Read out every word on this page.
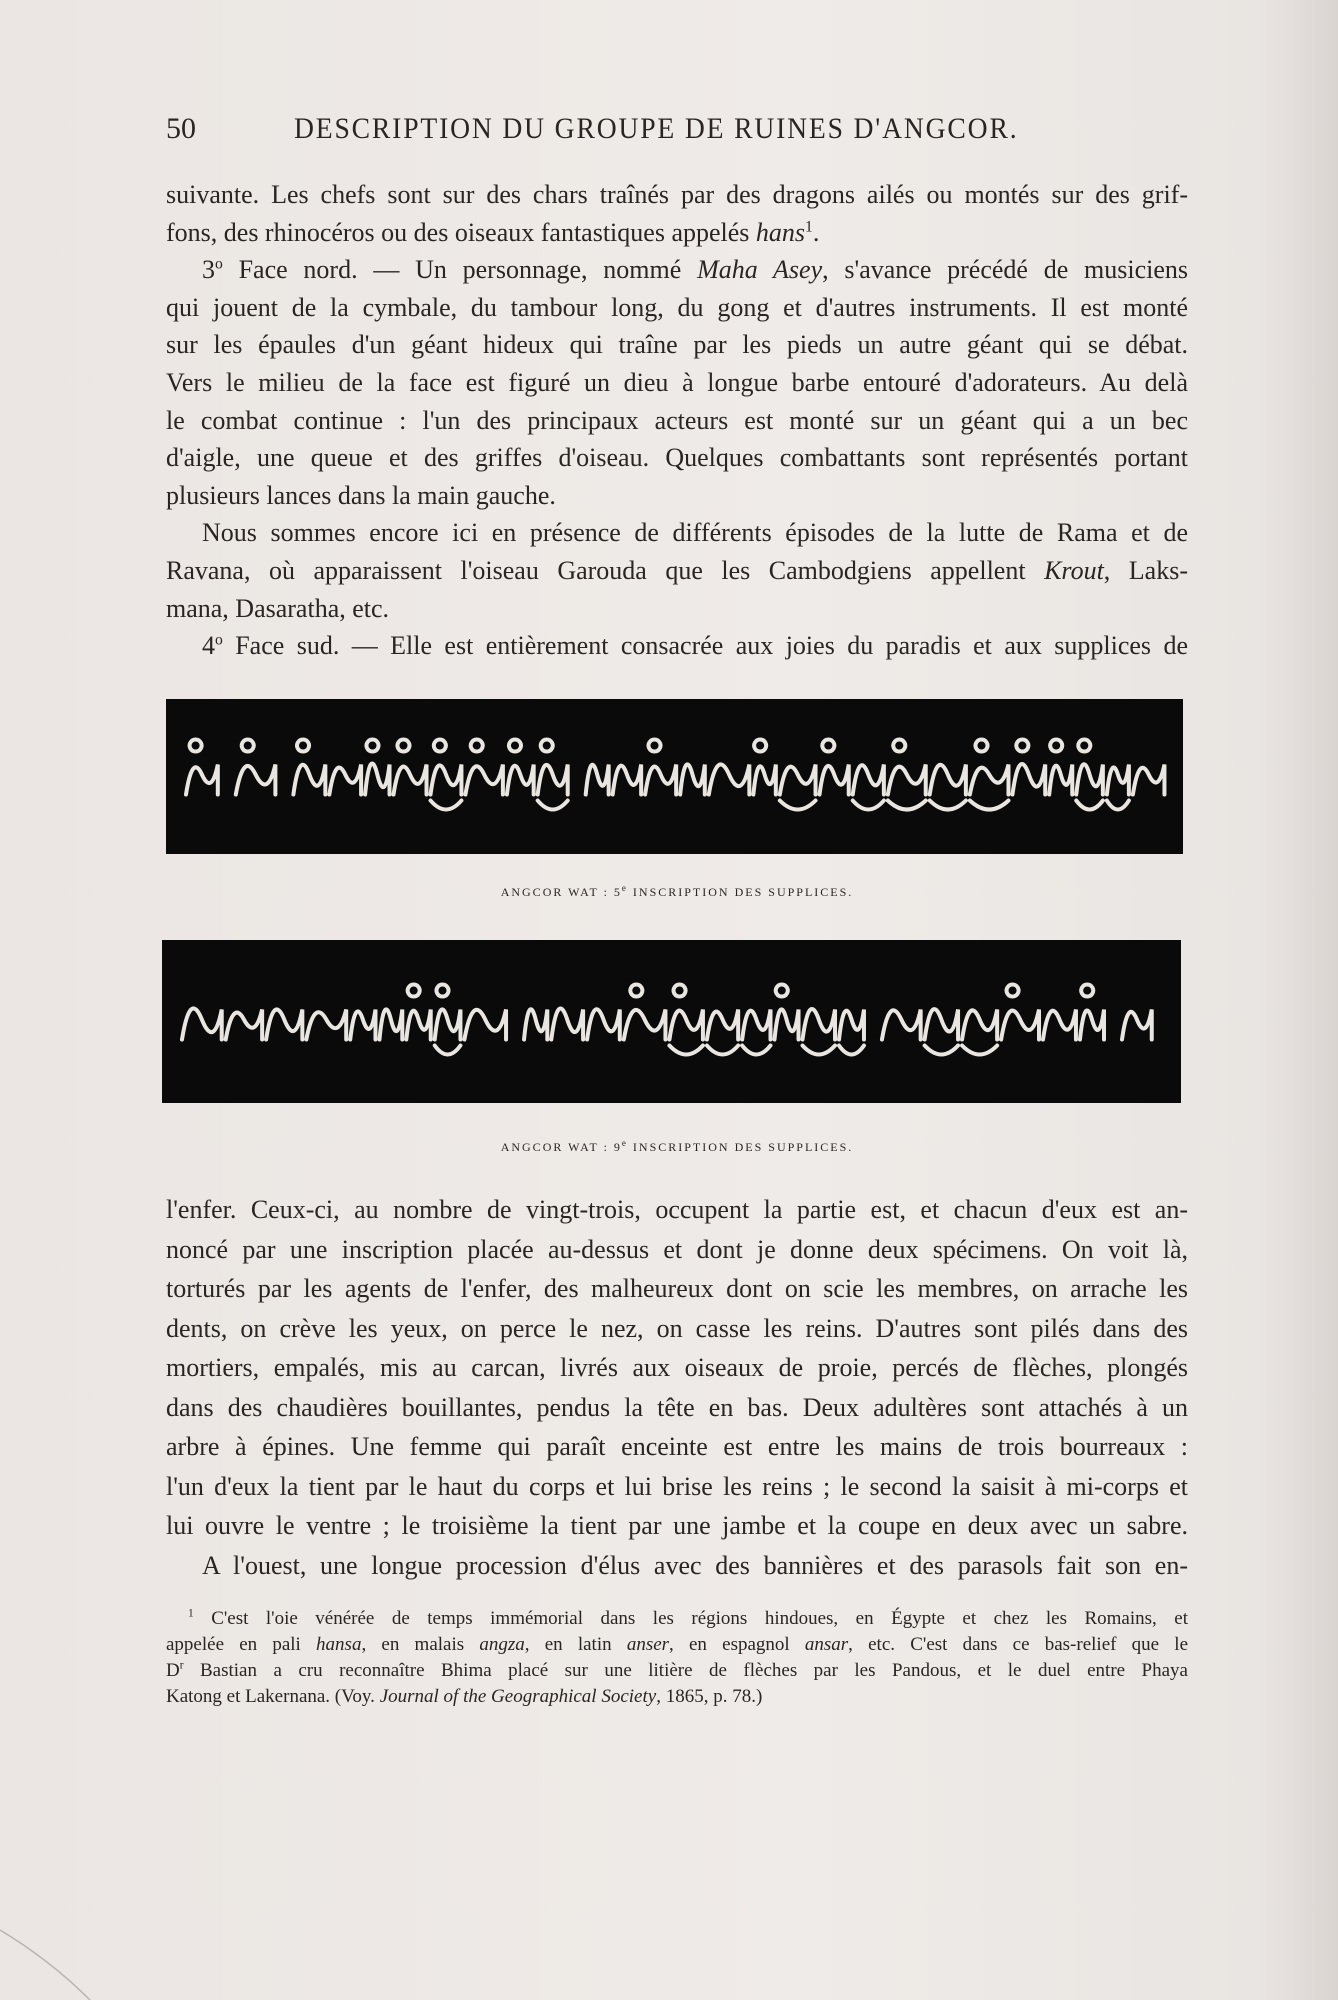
50	DESCRIPTION DU GROUPE DE RUINES D'ANGCOR.
suivante. Les chefs sont sur des chars traînés par des dragons ailés ou montés sur des grif-
fons, des rhinocéros ou des oiseaux fantastiques appelés hans$^1$.
3$^o$ Face nord. — Un personnage, nommé Maha Asey, s'avance précédé de musiciens
qui jouent de la cymbale, du tambour long, du gong et d'autres instruments. Il est monté
sur les épaules d'un géant hideux qui traîne par les pieds un autre géant qui se débat.
Vers le milieu de la face est figuré un dieu à longue barbe entouré d'adorateurs. Au delà
le combat continue : l'un des principaux acteurs est monté sur un géant qui a un bec
d'aigle, une queue et des griffes d'oiseau. Quelques combattants sont représentés portant
plusieurs lances dans la main gauche.
Nous sommes encore ici en présence de différents épisodes de la lutte de Rama et de
Ravana, où apparaissent l'oiseau Garouda que les Cambodgiens appellent Krout, Laks-
mana, Dasaratha, etc.
4$^o$ Face sud. — Elle est entièrement consacrée aux joies du paradis et aux supplices de
ANGCOR WAT : 5e INSCRIPTION DES SUPPLICES.
ANGCOR WAT : 9e INSCRIPTION DES SUPPLICES.
l'enfer. Ceux-ci, au nombre de vingt-trois, occupent la partie est, et chacun d'eux est an-
noncé par une inscription placée au-dessus et dont je donne deux spécimens. On voit là,
torturés par les agents de l'enfer, des malheureux dont on scie les membres, on arrache les
dents, on crève les yeux, on perce le nez, on casse les reins. D'autres sont pilés dans des
mortiers, empalés, mis au carcan, livrés aux oiseaux de proie, percés de flèches, plongés
dans des chaudières bouillantes, pendus la tête en bas. Deux adultères sont attachés à un
arbre à épines. Une femme qui paraît enceinte est entre les mains de trois bourreaux :
l'un d'eux la tient par le haut du corps et lui brise les reins ; le second la saisit à mi-corps et
lui ouvre le ventre ; le troisième la tient par une jambe et la coupe en deux avec un sabre.
A l'ouest, une longue procession d'élus avec des bannières et des parasols fait son en-
$^1$ C'est l'oie vénérée de temps immémorial dans les régions hindoues, en Égypte et chez les Romains, et
appelée en pali hansa, en malais angza, en latin anser, en espagnol ansar, etc. C'est dans ce bas-relief que le
$D^r$ Bastian a cru reconnaître Bhima placé sur une litière de flèches par les Pandous, et le duel entre Phaya
Katong et Lakernana. (Voy. Journal of the Geographical Society, 1865, p. 78.)
